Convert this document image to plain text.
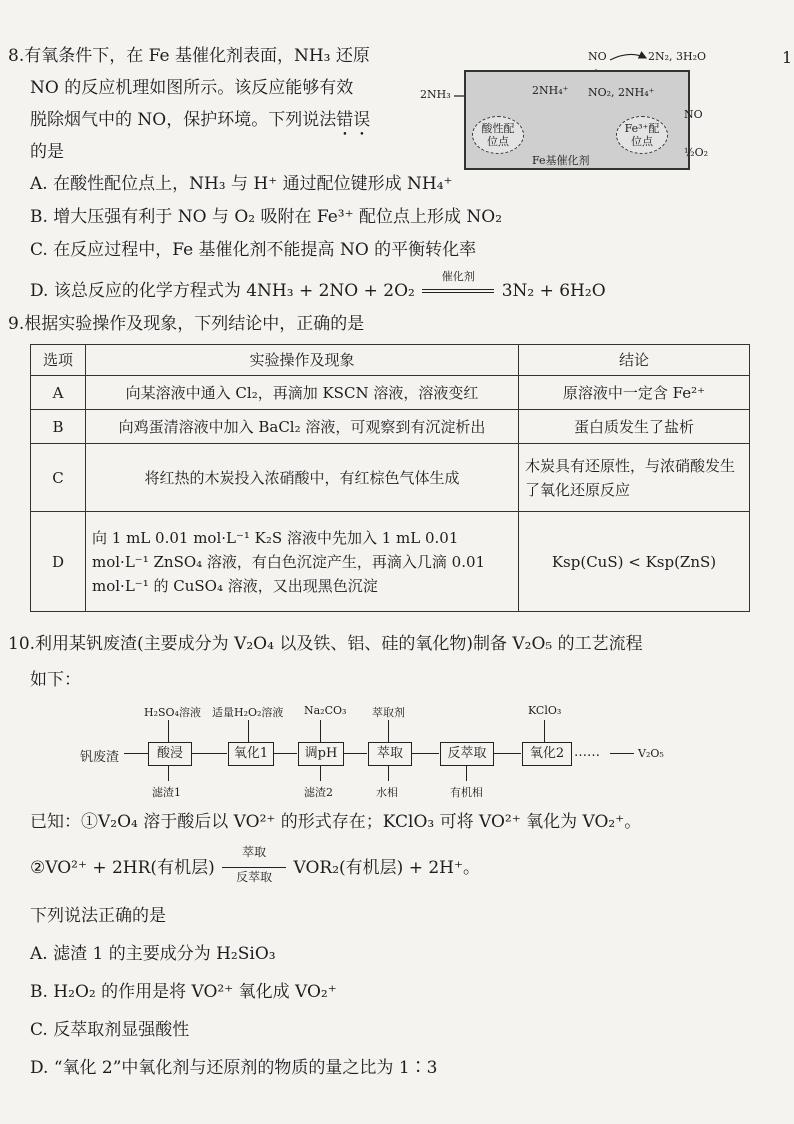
1
8.有氧条件下，在 Fe 基催化剂表面，NH₃ 还原
NO 的反应机理如图所示。该反应能够有效
脱除烟气中的 NO，保护环境。下列说法错误
的是
NO	2N₂, 3H₂O
2NH₃	2NH₄⁺ NO₂, 2NH₄⁺
NO
½O₂
酸性配位点
Fe³⁺配位点
Fe基催化剂
A. 在酸性配位点上，NH₃ 与 H⁺ 通过配位键形成 NH₄⁺
B. 增大压强有利于 NO 与 O₂ 吸附在 Fe³⁺ 配位点上形成 NO₂
C. 在反应过程中，Fe 基催化剂不能提高 NO 的平衡转化率
D. 该总反应的化学方程式为 4NH₃ + 2NO + 2O₂
催化剂
3N₂ + 6H₂O
9.根据实验操作及现象，下列结论中，正确的是
选项	实验操作及现象	结论
A	向某溶液中通入 Cl₂，再滴加 KSCN 溶液，溶液变红	原溶液中一定含 Fe²⁺
B	向鸡蛋清溶液中加入 BaCl₂ 溶液，可观察到有沉淀析出	蛋白质发生了盐析
C	将红热的木炭投入浓硝酸中，有红棕色气体生成	木炭具有还原性，与浓硝酸发生了氧化还原反应
D	向 1 mL 0.01 mol·L⁻¹ K₂S 溶液中先加入 1 mL 0.01 mol·L⁻¹ ZnSO₄ 溶液，有白色沉淀产生，再滴入几滴 0.01 mol·L⁻¹ 的 CuSO₄ 溶液，又出现黑色沉淀	Ksp(CuS) < Ksp(ZnS)
10.利用某钒废渣(主要成分为 V₂O₄ 以及铁、铝、硅的氧化物)制备 V₂O₅ 的工艺流程
如下：
H₂SO₄溶液 适量H₂O₂溶液 Na₂CO₃ 萃取剂	KClO₃
钒废渣	酸浸	氧化1	调pH	萃取	反萃取	氧化2 ……	V₂O₅
滤渣1	滤渣2	水相	有机相
已知：①V₂O₄ 溶于酸后以 VO²⁺ 的形式存在；KClO₃ 可将 VO²⁺ 氧化为 VO₂⁺。
②VO²⁺ + 2HR(有机层)
萃取
反萃取	VOR₂(有机层) + 2H⁺。
下列说法正确的是
A. 滤渣 1 的主要成分为 H₂SiO₃
B. H₂O₂ 的作用是将 VO²⁺ 氧化成 VO₂⁺
C. 反萃取剂显强酸性
D. “氧化 2”中氧化剂与还原剂的物质的量之比为 1∶3
